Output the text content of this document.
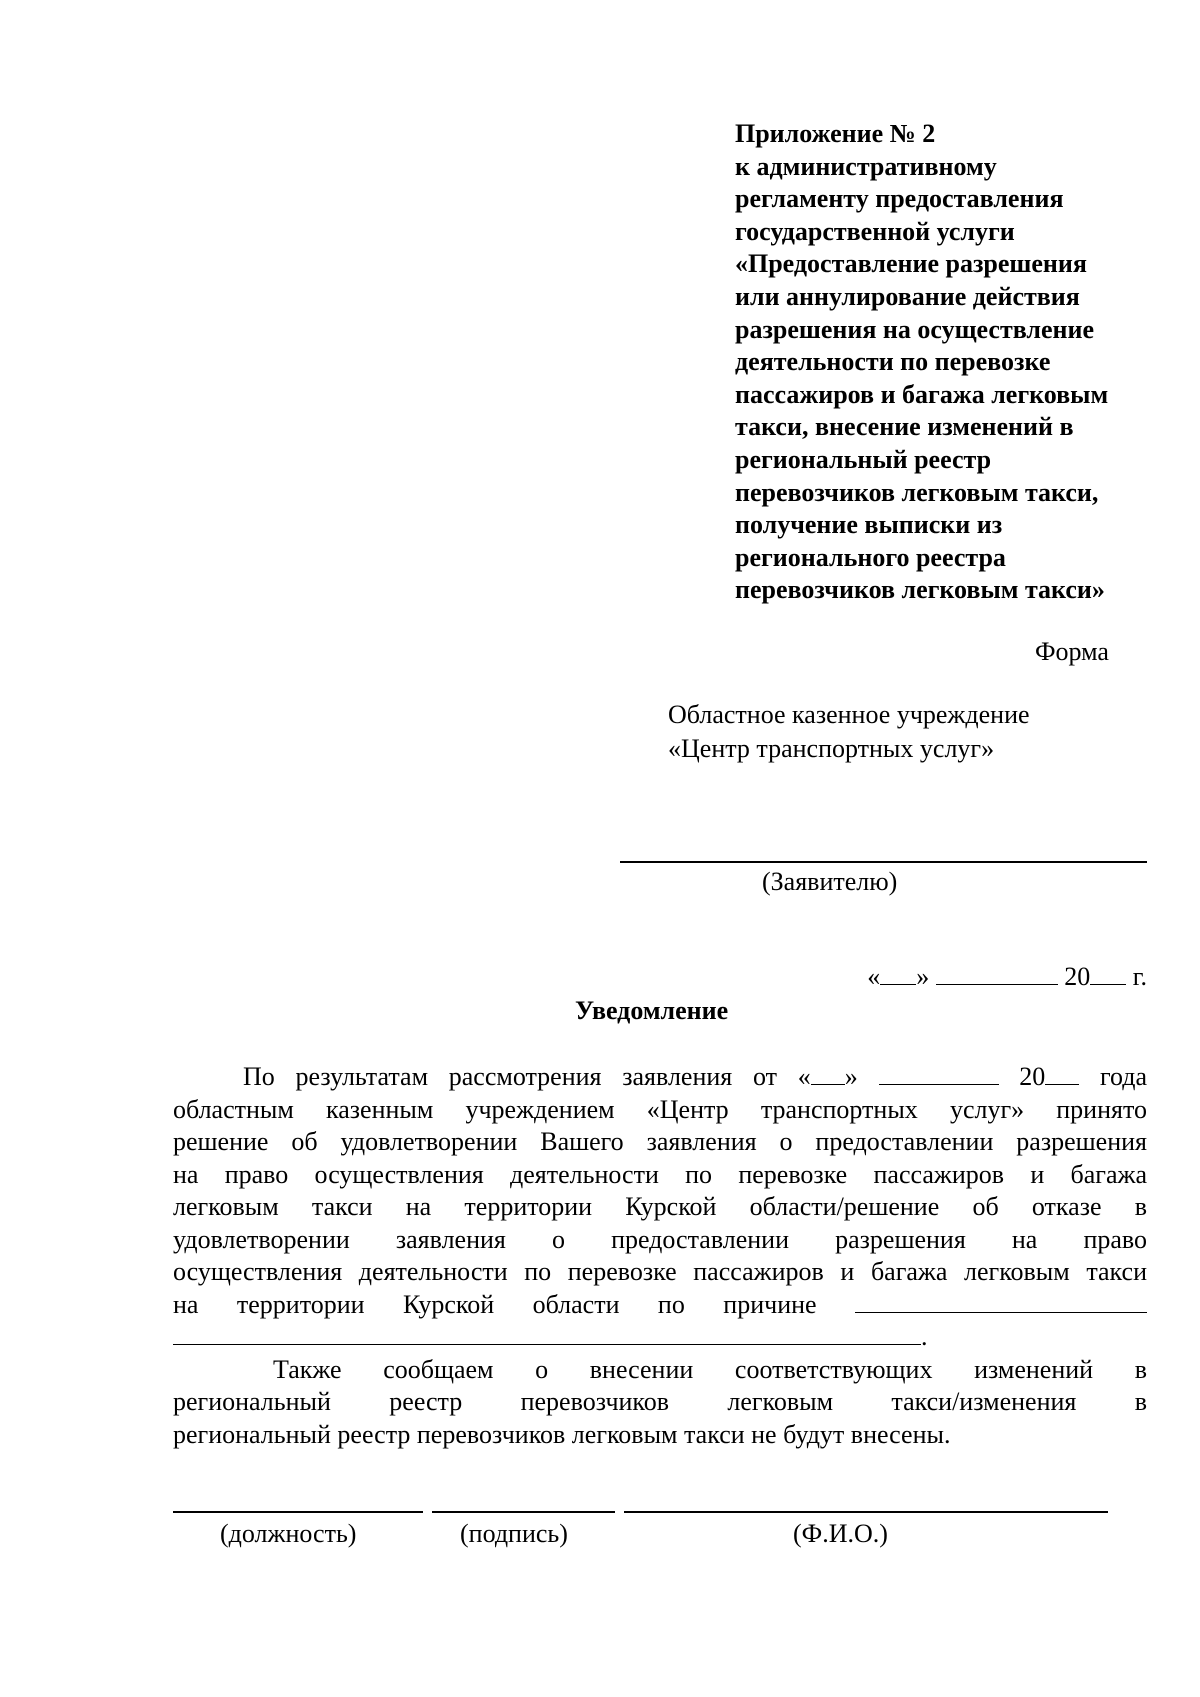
Приложение № 2
к административному
регламенту предоставления
государственной услуги
«Предоставление разрешения
или аннулирование действия
разрешения на осуществление
деятельности по перевозке
пассажиров и багажа легковым
такси, внесение изменений в
региональный реестр
перевозчиков легковым такси,
получение выписки из
регионального реестра
перевозчиков легковым такси»
Форма
Областное казенное учреждение
«Центр транспортных услуг»
(Заявителю)
« »	20 г.
Уведомление
По результатам рассмотрения заявления от « »	20 года
областным казенным учреждением «Центр транспортных услуг» принято
решение об удовлетворении Вашего заявления о предоставлении разрешения
на право осуществления деятельности по перевозке пассажиров и багажа
легковым такси на территории Курской области/решение об отказе в
удовлетворении заявления о предоставлении разрешения на право
осуществления деятельности по перевозке пассажиров и багажа легковым такси
на территории Курской области по причине
.
Также сообщаем о внесении соответствующих изменений в
региональный реестр перевозчиков легковым такси/изменения в
региональный реестр перевозчиков легковым такси не будут внесены.
(должность)	(подпись)	(Ф.И.О.)
